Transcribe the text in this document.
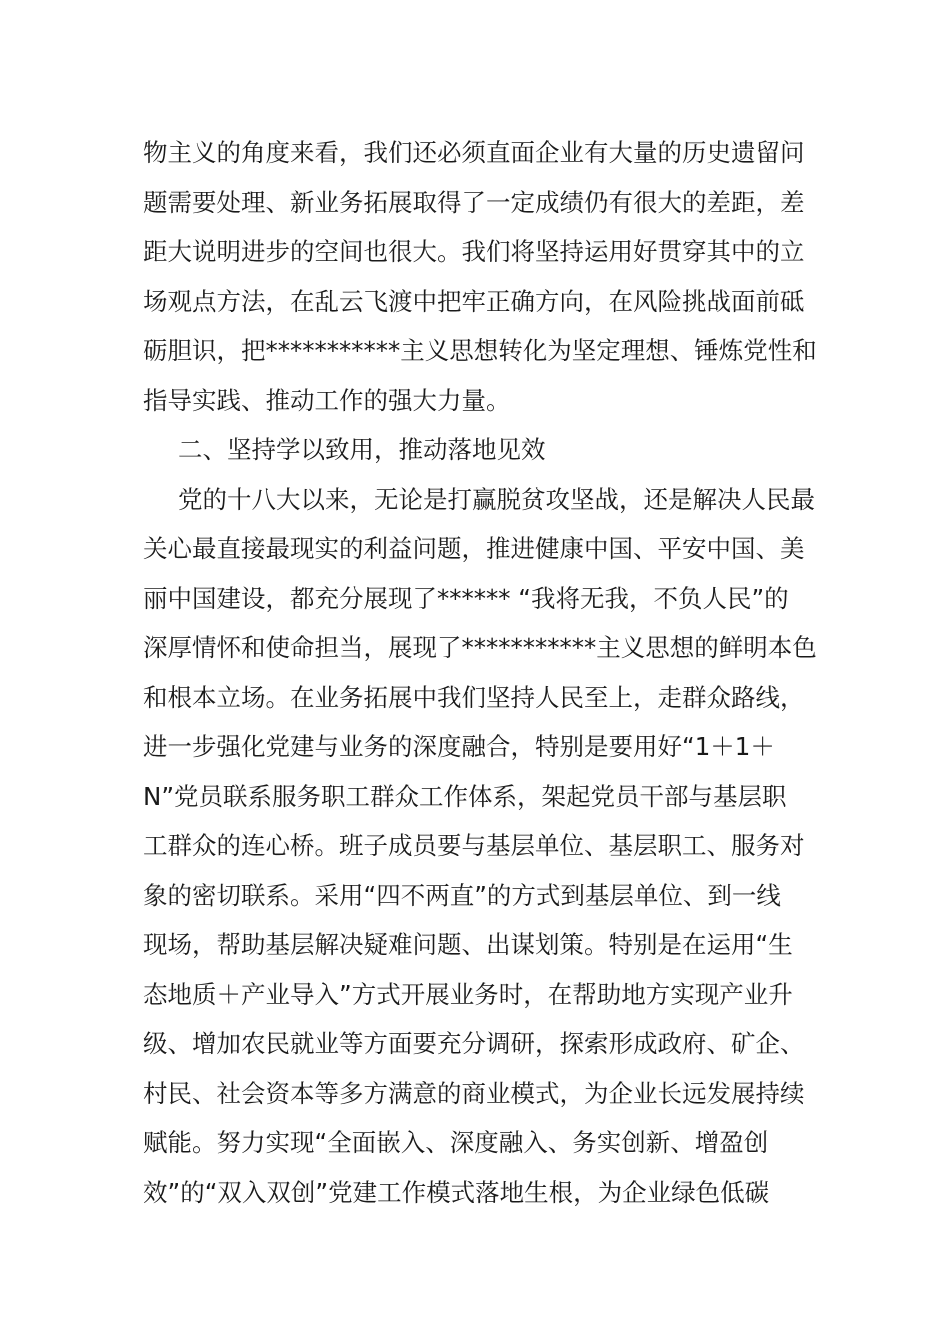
物主义的角度来看，我们还必须直面企业有大量的历史遗留问
题需要处理、新业务拓展取得了一定成绩仍有很大的差距，差
距大说明进步的空间也很大。我们将坚持运用好贯穿其中的立
场观点方法，在乱云飞渡中把牢正确方向，在风险挑战面前砥
砺胆识，把***********主义思想转化为坚定理想、锤炼党性和
指导实践、推动工作的强大力量。
二、坚持学以致用，推动落地见效
党的十八大以来，无论是打赢脱贫攻坚战，还是解决人民最
关心最直接最现实的利益问题，推进健康中国、平安中国、美
丽中国建设，都充分展现了****** “我将无我，不负人民”的
深厚情怀和使命担当，展现了***********主义思想的鲜明本色
和根本立场。在业务拓展中我们坚持人民至上，走群众路线，
进一步强化党建与业务的深度融合，特别是要用好“1＋1＋
N”党员联系服务职工群众工作体系，架起党员干部与基层职
工群众的连心桥。班子成员要与基层单位、基层职工、服务对
象的密切联系。采用“四不两直”的方式到基层单位、到一线
现场，帮助基层解决疑难问题、出谋划策。特别是在运用“生
态地质＋产业导入”方式开展业务时，在帮助地方实现产业升
级、增加农民就业等方面要充分调研，探索形成政府、矿企、
村民、社会资本等多方满意的商业模式，为企业长远发展持续
赋能。努力实现“全面嵌入、深度融入、务实创新、增盈创
效”的“双入双创”党建工作模式落地生根，为企业绿色低碳
